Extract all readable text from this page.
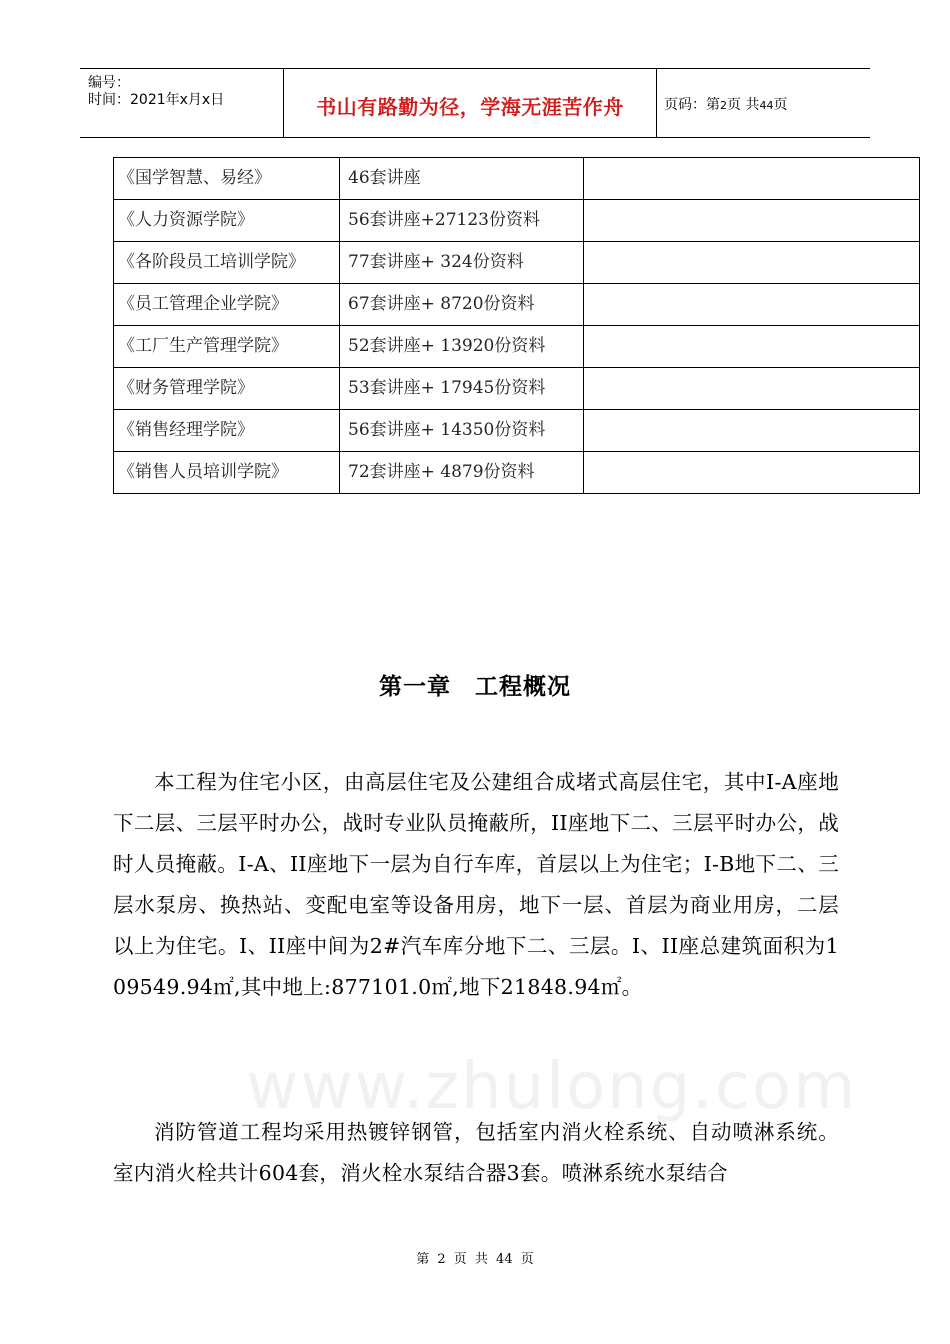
编号：
时间：2021年x月x日	书山有路勤为径，学海无涯苦作舟	页码：第2页 共44页
《国学智慧、易经》	46套讲座	
《人力资源学院》	56套讲座+27123份资料	
《各阶段员工培训学院》	77套讲座+ 324份资料	
《员工管理企业学院》	67套讲座+ 8720份资料	
《工厂生产管理学院》	52套讲座+ 13920份资料	
《财务管理学院》	53套讲座+ 17945份资料	
《销售经理学院》	56套讲座+ 14350份资料	
《销售人员培训学院》	72套讲座+ 4879份资料	
第一章　工程概况
本工程为住宅小区，由高层住宅及公建组合成堵式高层住宅，其中I-A座地下二层、三层平时办公，战时专业队员掩蔽所，II座地下二、三层平时办公，战时人员掩蔽。I-A、II座地下一层为自行车库，首层以上为住宅；I-B地下二、三层水泵房、换热站、变配电室等设备用房，地下一层、首层为商业用房，二层以上为住宅。I、II座中间为2#汽车库分地下二、三层。I、II座总建筑面积为109549.94㎡,其中地上:877101.0㎡,地下21848.94㎡。
消防管道工程均采用热镀锌钢管，包括室内消火栓系统、自动喷淋系统。室内消火栓共计604套，消火栓水泵结合器3套。喷淋系统水泵结合
www.zhulong.com
第 2 页 共 44 页
